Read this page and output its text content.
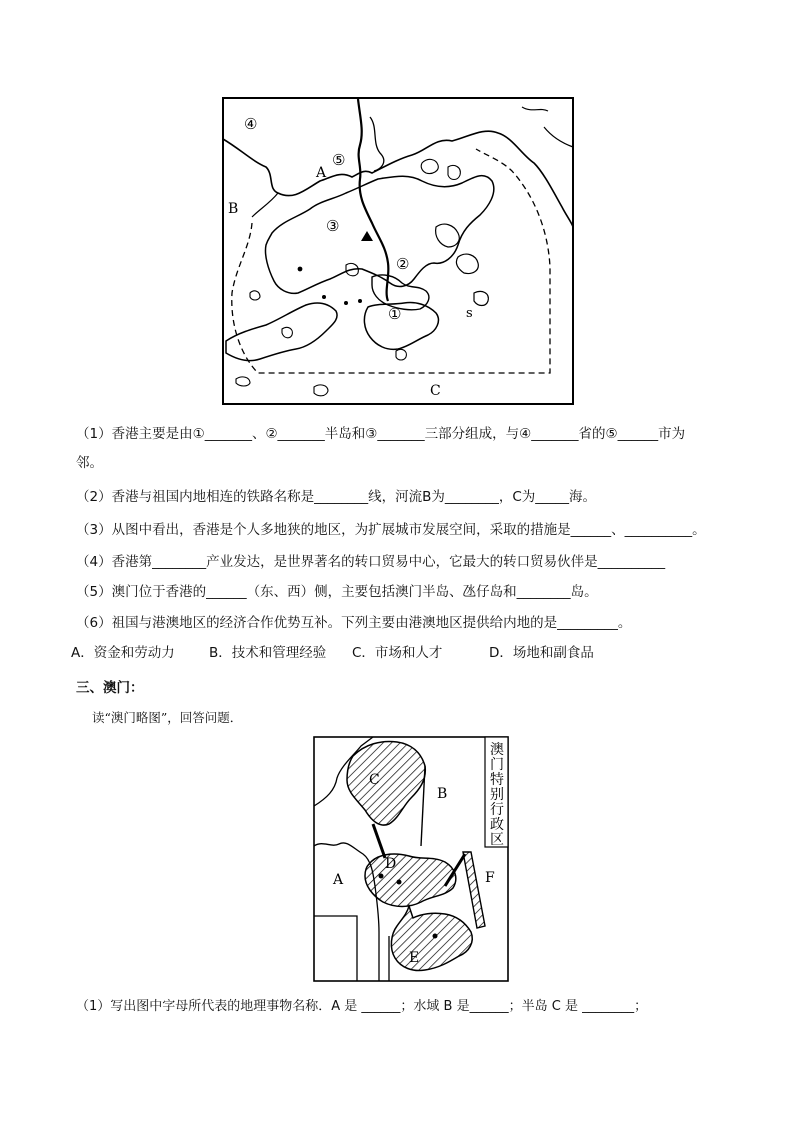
④
⑤
A
B
③
②
①
C
s
（1）香港主要是由①_______、②_______半岛和③_______三部分组成，与④_______省的⑤______市为
邻。
（2）香港与祖国内地相连的铁路名称是________线，河流B为________，C为_____海。
（3）从图中看出，香港是个人多地狭的地区，为扩展城市发展空间，采取的措施是______、__________。
（4）香港第________产业发达，是世界著名的转口贸易中心，它最大的转口贸易伙伴是__________
（5）澳门位于香港的______（东、西）侧，主要包括澳门半岛、氹仔岛和________岛。
（6）祖国与港澳地区的经济合作优势互补。下列主要由港澳地区提供给内地的是_________。
A．资金和劳动力	B．技术和管理经验 C．市场和人才	D．场地和副食品
三、澳门：
读“澳门略图”，回答问题．
澳
门
特
别
行
政
区
C
B
D
A	F
E
（1）写出图中字母所代表的地理事物名称．A 是 ______；水域 B 是______；半岛 C 是 ________；
